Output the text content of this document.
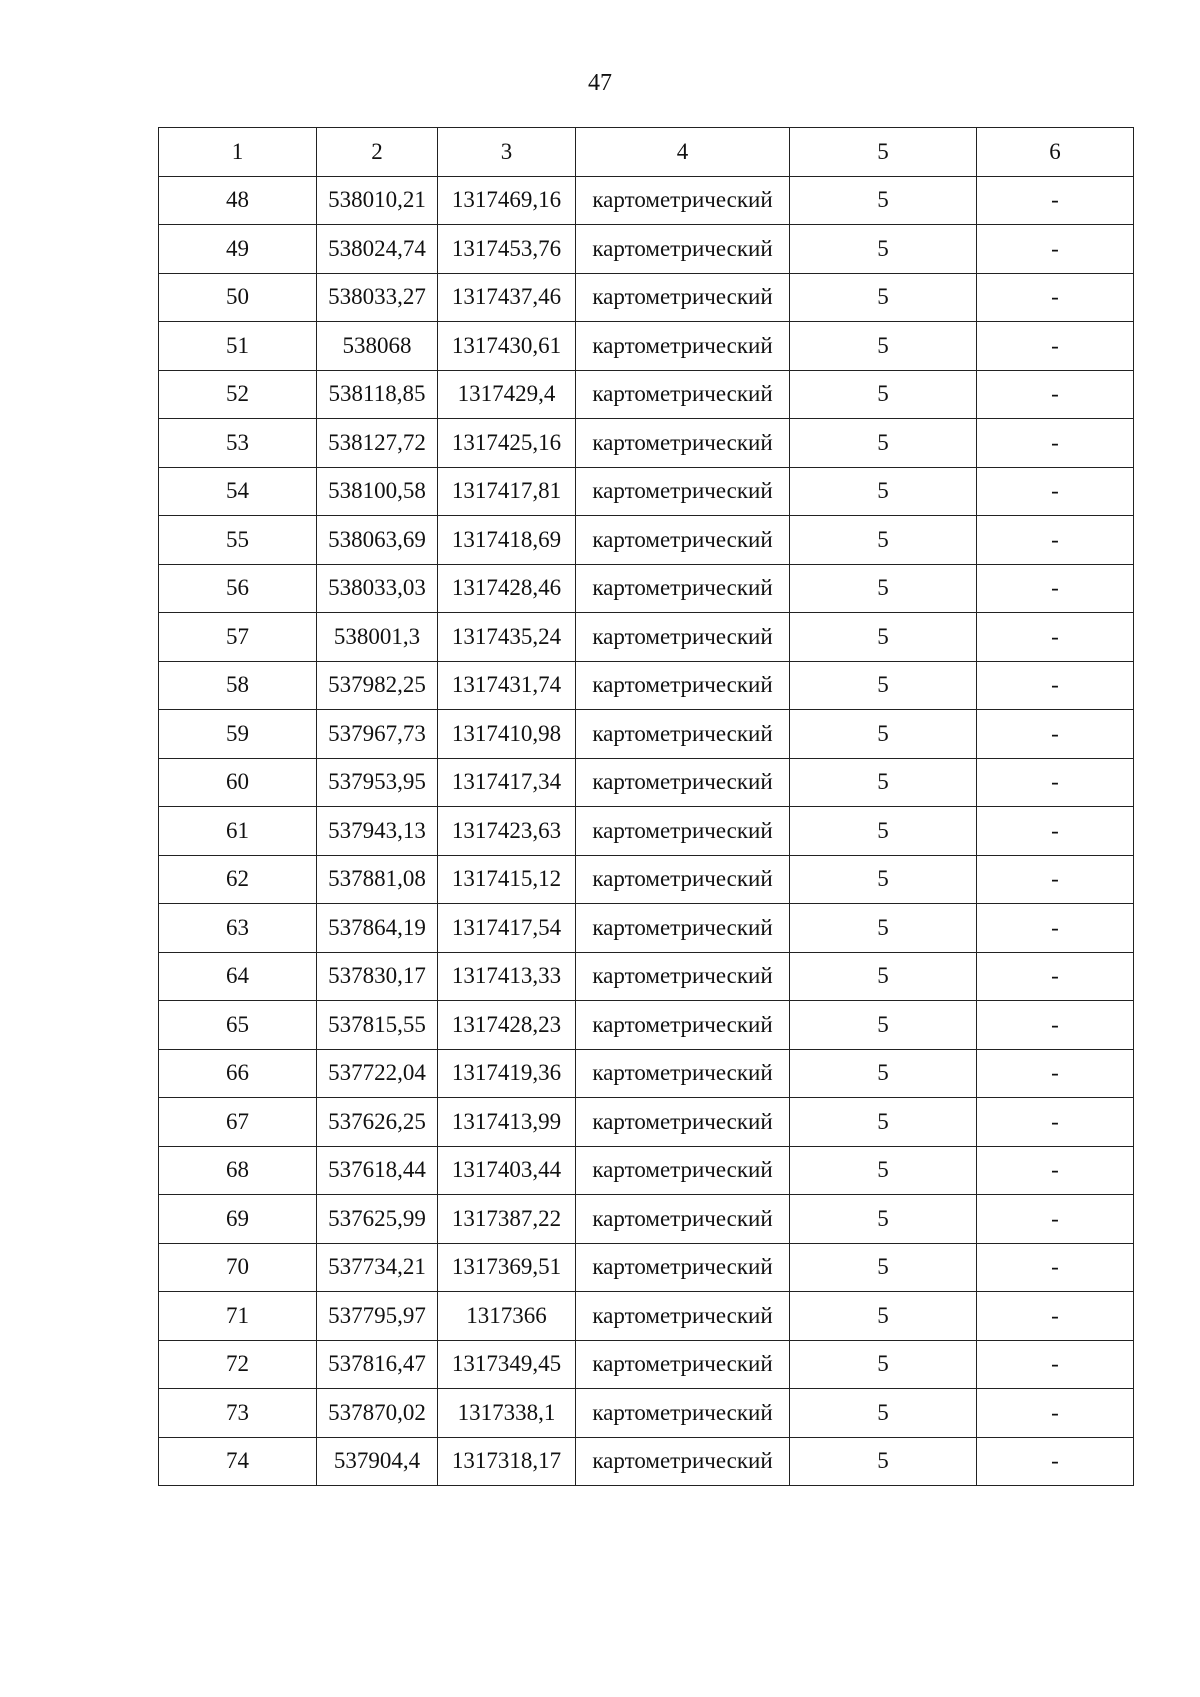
47
1	2	3	4	5	6
48	538010,21	1317469,16	картометрический	5	-
49	538024,74	1317453,76	картометрический	5	-
50	538033,27	1317437,46	картометрический	5	-
51	538068	1317430,61	картометрический	5	-
52	538118,85	1317429,4	картометрический	5	-
53	538127,72	1317425,16	картометрический	5	-
54	538100,58	1317417,81	картометрический	5	-
55	538063,69	1317418,69	картометрический	5	-
56	538033,03	1317428,46	картометрический	5	-
57	538001,3	1317435,24	картометрический	5	-
58	537982,25	1317431,74	картометрический	5	-
59	537967,73	1317410,98	картометрический	5	-
60	537953,95	1317417,34	картометрический	5	-
61	537943,13	1317423,63	картометрический	5	-
62	537881,08	1317415,12	картометрический	5	-
63	537864,19	1317417,54	картометрический	5	-
64	537830,17	1317413,33	картометрический	5	-
65	537815,55	1317428,23	картометрический	5	-
66	537722,04	1317419,36	картометрический	5	-
67	537626,25	1317413,99	картометрический	5	-
68	537618,44	1317403,44	картометрический	5	-
69	537625,99	1317387,22	картометрический	5	-
70	537734,21	1317369,51	картометрический	5	-
71	537795,97	1317366	картометрический	5	-
72	537816,47	1317349,45	картометрический	5	-
73	537870,02	1317338,1	картометрический	5	-
74	537904,4	1317318,17	картометрический	5	-
